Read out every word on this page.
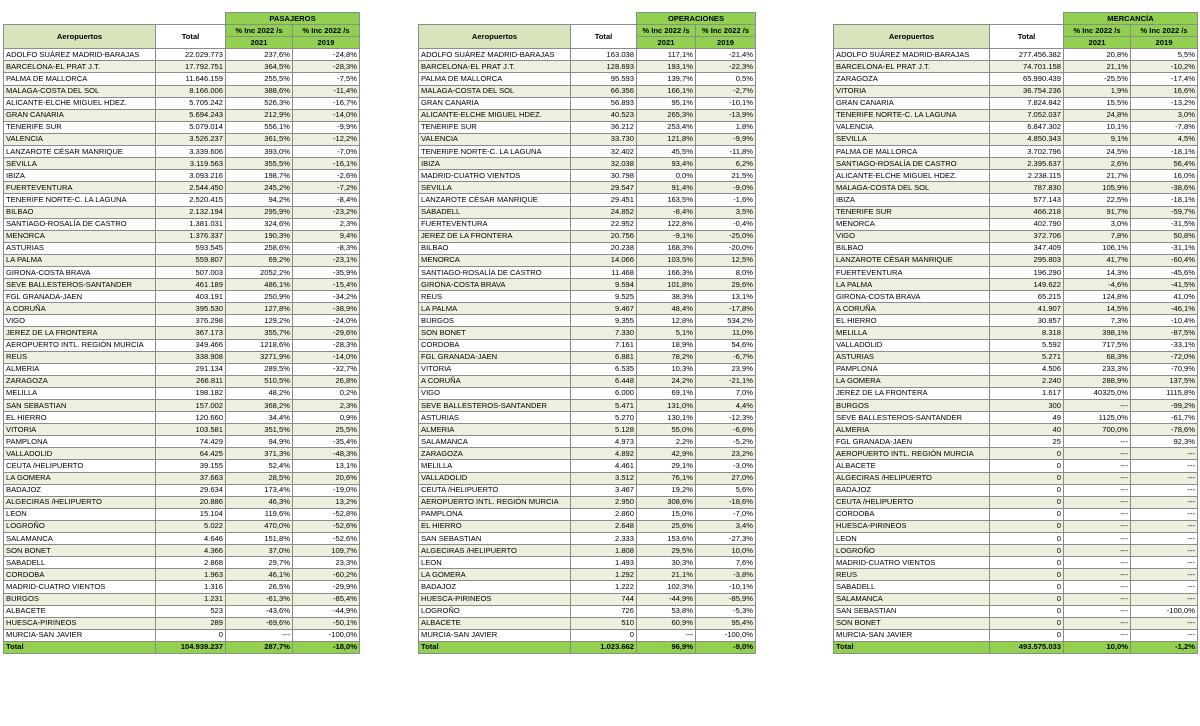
		PASAJEROS	
Aeropuertos	Total	% Inc 2022 /s	% Inc 2022 /s
		2021	2019
ADOLFO SUÁREZ MADRID-BARAJAS	22.029.773	237,6%	-24,8%
BARCELONA-EL PRAT J.T.	17.792.751	364,5%	-28,3%
PALMA DE MALLORCA	11.646.159	255,5%	-7,5%
MALAGA-COSTA DEL SOL	8.166.006	388,6%	-11,4%
ALICANTE-ELCHE MIGUEL HDEZ.	5.705.242	526,3%	-16,7%
GRAN CANARIA	5.694.243	212,9%	-14,0%
TENERIFE SUR	5.079.014	556,1%	-9,9%
VALENCIA	3.526.237	361,5%	-12,2%
LANZAROTE CÉSAR MANRIQUE	3.339.606	393,0%	-7,0%
SEVILLA	3.119.563	355,5%	-16,1%
IBIZA	3.093.216	198,7%	-2,6%
FUERTEVENTURA	2.544.450	245,2%	-7,2%
TENERIFE NORTE-C. LA LAGUNA	2.520.415	94,2%	-8,4%
BILBAO	2.132.194	295,9%	-23,2%
SANTIAGO-ROSALÍA DE CASTRO	1.381.031	324,6%	2,3%
MENORCA	1.376.337	190,3%	9,4%
ASTURIAS	593.545	258,6%	-8,3%
LA PALMA	559.807	69,2%	-23,1%
GIRONA-COSTA BRAVA	507.003	2052,2%	-35,9%
SEVE BALLESTEROS-SANTANDER	461.189	486,1%	-15,4%
FGL GRANADA-JAEN	403.191	250,9%	-34,2%
A CORUÑA	395.530	127,8%	-38,9%
VIGO	376.298	129,2%	-24,0%
JEREZ DE LA FRONTERA	367.173	355,7%	-29,6%
AEROPUERTO INTL. REGIÓN MURCIA	349.466	1218,6%	-28,3%
REUS	338.908	3271,9%	-14,0%
ALMERIA	291.134	289,5%	-32,7%
ZARAGOZA	266.811	510,5%	26,8%
MELILLA	198.182	48,2%	0,2%
SAN SEBASTIAN	157.002	368,2%	2,3%
EL HIERRO	120.660	34,4%	0,9%
VITORIA	103.581	351,5%	25,5%
PAMPLONA	74.429	94,9%	-35,4%
VALLADOLID	64.425	371,3%	-48,3%
CEUTA /HELIPUERTO	39.155	52,4%	13,1%
LA GOMERA	37.663	28,5%	20,6%
BADAJOZ	29.634	173,4%	-19,0%
ALGECIRAS /HELIPUERTO	20.886	46,3%	13,2%
LEON	15.104	119,6%	-52,8%
LOGROÑO	5.022	470,0%	-52,6%
SALAMANCA	4.646	151,8%	-52,6%
SON BONET	4.366	37,0%	109,7%
SABADELL	2.868	29,7%	23,3%
CORDOBA	1.963	46,1%	-60,2%
MADRID-CUATRO VIENTOS	1.316	26,5%	-29,9%
BURGOS	1.231	-61,3%	-85,4%
ALBACETE	523	-43,6%	-44,9%
HUESCA-PIRINEOS	289	-69,6%	-50,1%
MURCIA-SAN JAVIER	0	---	-100,0%
Total	104.939.237	287,7%	-18,0%
		OPERACIONES	
Aeropuertos	Total	% Inc 2022 /s	% Inc 2022 /s
		2021	2019
ADOLFO SUÁREZ MADRID-BARAJAS	163.038	117,1%	-21,4%
BARCELONA-EL PRAT J.T.	128.693	193,1%	-22,3%
PALMA DE MALLORCA	95.593	139,7%	0,5%
MALAGA-COSTA DEL SOL	66.356	166,1%	-2,7%
GRAN CANARIA	56.893	95,1%	-10,1%
ALICANTE-ELCHE MIGUEL HDEZ.	40.523	265,3%	-13,9%
TENERIFE SUR	36.212	253,4%	1,8%
VALENCIA	33.730	121,8%	-9,9%
TENERIFE NORTE-C. LA LAGUNA	32.402	45,5%	-11,8%
IBIZA	32.038	93,4%	6,2%
MADRID-CUATRO VIENTOS	30.798	0,0%	21,5%
SEVILLA	29.547	91,4%	-9,0%
LANZAROTE CÉSAR MANRIQUE	29.451	163,5%	-1,6%
SABADELL	24.852	-8,4%	3,5%
FUERTEVENTURA	22.952	122,8%	-0,4%
JEREZ DE LA FRONTERA	20.756	-9,1%	-25,0%
BILBAO	20.238	168,3%	-20,0%
MENORCA	14.066	103,5%	12,5%
SANTIAGO-ROSALÍA DE CASTRO	11.468	166,3%	8,0%
GIRONA-COSTA BRAVA	9.594	101,8%	29,6%
REUS	9.525	38,3%	13,1%
LA PALMA	9.467	48,4%	-17,8%
BURGOS	9.355	12,8%	534,2%
SON BONET	7.330	5,1%	11,0%
CORDOBA	7.161	18,9%	54,6%
FGL GRANADA-JAEN	6.881	78,2%	-6,7%
VITORIA	6.535	10,3%	23,9%
A CORUÑA	6.448	24,2%	-21,1%
VIGO	6.000	69,1%	7,0%
SEVE BALLESTEROS-SANTANDER	5.471	131,0%	4,4%
ASTURIAS	5.270	130,1%	-12,3%
ALMERIA	5.128	55,0%	-6,6%
SALAMANCA	4.973	2,2%	-5,2%
ZARAGOZA	4.892	42,9%	23,2%
MELILLA	4.461	29,1%	-3,0%
VALLADOLID	3.512	76,1%	27,0%
CEUTA /HELIPUERTO	3.467	19,2%	5,6%
AEROPUERTO INTL. REGIÓN MURCIA	2.950	308,6%	-18,6%
PAMPLONA	2.860	15,0%	-7,0%
EL HIERRO	2.648	25,6%	3,4%
SAN SEBASTIAN	2.333	153,6%	-27,3%
ALGECIRAS /HELIPUERTO	1.808	29,5%	10,0%
LEON	1.493	30,3%	7,6%
LA GOMERA	1.292	21,1%	-3,8%
BADAJOZ	1.222	102,3%	-10,1%
HUESCA-PIRINEOS	744	-44,9%	-85,9%
LOGROÑO	726	53,8%	-5,3%
ALBACETE	510	60,9%	95,4%
MURCIA-SAN JAVIER	0	---	-100,0%
Total	1.023.662	96,9%	-9,0%
		MERCANCÍA	
Aeropuertos	Total	% Inc 2022 /s	% Inc 2022 /s
		2021	2019
ADOLFO SUÁREZ MADRID-BARAJAS	277.456.382	20,8%	5,5%
BARCELONA-EL PRAT J.T.	74.701.158	21,1%	-10,2%
ZARAGOZA	65.990.439	-25,5%	-17,4%
VITORIA	36.754.236	1,9%	16,6%
GRAN CANARIA	7.824.842	15,5%	-13,2%
TENERIFE NORTE-C. LA LAGUNA	7.052.037	24,8%	3,0%
VALENCIA	6.847.302	10,1%	-7,8%
SEVILLA	4.850.343	9,1%	4,5%
PALMA DE MALLORCA	3.702.796	24,5%	-18,1%
SANTIAGO-ROSALÍA DE CASTRO	2.395.637	2,6%	56,4%
ALICANTE-ELCHE MIGUEL HDEZ.	2.238.115	21,7%	16,0%
MALAGA-COSTA DEL SOL	787.830	105,9%	-38,6%
IBIZA	577.143	22,5%	-18,1%
TENERIFE SUR	466.218	91,7%	-59,7%
MENORCA	402.790	3,0%	-31,5%
VIGO	372.706	7,8%	50,8%
BILBAO	347.409	106,1%	-31,1%
LANZAROTE CÉSAR MANRIQUE	295.803	41,7%	-60,4%
FUERTEVENTURA	196.290	14,3%	-45,6%
LA PALMA	149.622	-4,6%	-41,5%
GIRONA-COSTA BRAVA	65.215	124,8%	41,0%
A CORUÑA	41.907	14,5%	-46,1%
EL HIERRO	30.857	7,3%	-10,4%
MELILLA	8.318	398,1%	-87,5%
VALLADOLID	5.592	717,5%	-33,1%
ASTURIAS	5.271	68,3%	-72,0%
PAMPLONA	4.506	233,3%	-70,9%
LA GOMERA	2.240	288,9%	137,5%
JEREZ DE LA FRONTERA	1.617	40325,0%	1115,8%
BURGOS	300	---	-99,2%
SEVE BALLESTEROS-SANTANDER	49	1125,0%	-61,7%
ALMERIA	40	700,0%	-78,6%
FGL GRANADA-JAEN	25	---	92,3%
AEROPUERTO INTL. REGIÓN MURCIA	0	---	---
ALBACETE	0	---	---
ALGECIRAS /HELIPUERTO	0	---	---
BADAJOZ	0	---	---
CEUTA /HELIPUERTO	0	---	---
CORDOBA	0	---	---
HUESCA-PIRINEOS	0	---	---
LEON	0	---	---
LOGROÑO	0	---	---
MADRID-CUATRO VIENTOS	0	---	---
REUS	0	---	---
SABADELL	0	---	---
SALAMANCA	0	---	---
SAN SEBASTIAN	0	---	-100,0%
SON BONET	0	---	---
MURCIA-SAN JAVIER	0	---	---
Total	493.575.033	10,0%	-1,2%
